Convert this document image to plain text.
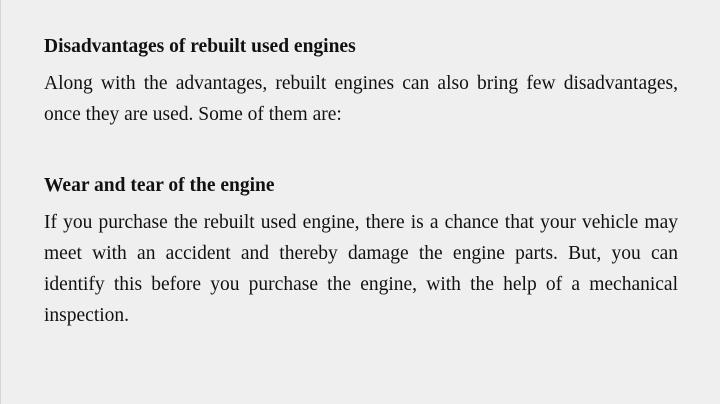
Disadvantages of rebuilt used engines

Along with the advantages, rebuilt engines can also bring few disadvantages, once they are used. Some of them are:

Wear and tear of the engine

If you purchase the rebuilt used engine, there is a chance that your vehicle may meet with an accident and thereby damage the engine parts. But, you can identify this before you purchase the engine, with the help of a mechanical inspection.
